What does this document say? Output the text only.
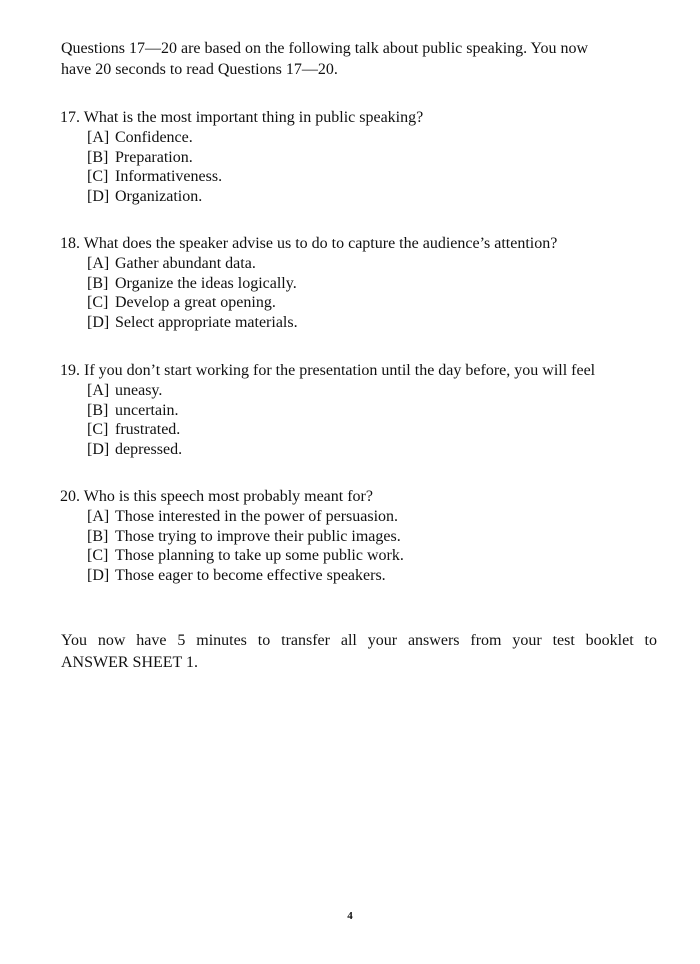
Questions 17—20 are based on the following talk about public speaking. You now
have 20 seconds to read Questions 17—20.
17. What is the most important thing in public speaking?
[A] Confidence.
[B] Preparation.
[C] Informativeness.
[D] Organization.
18. What does the speaker advise us to do to capture the audience’s attention?
[A] Gather abundant data.
[B] Organize the ideas logically.
[C] Develop a great opening.
[D] Select appropriate materials.
19. If you don’t start working for the presentation until the day before, you will feel
[A] uneasy.
[B] uncertain.
[C] frustrated.
[D] depressed.
20. Who is this speech most probably meant for?
[A] Those interested in the power of persuasion.
[B] Those trying to improve their public images.
[C] Those planning to take up some public work.
[D] Those eager to become effective speakers.
You now have 5 minutes to transfer all your answers from your test booklet to
ANSWER SHEET 1.
4
